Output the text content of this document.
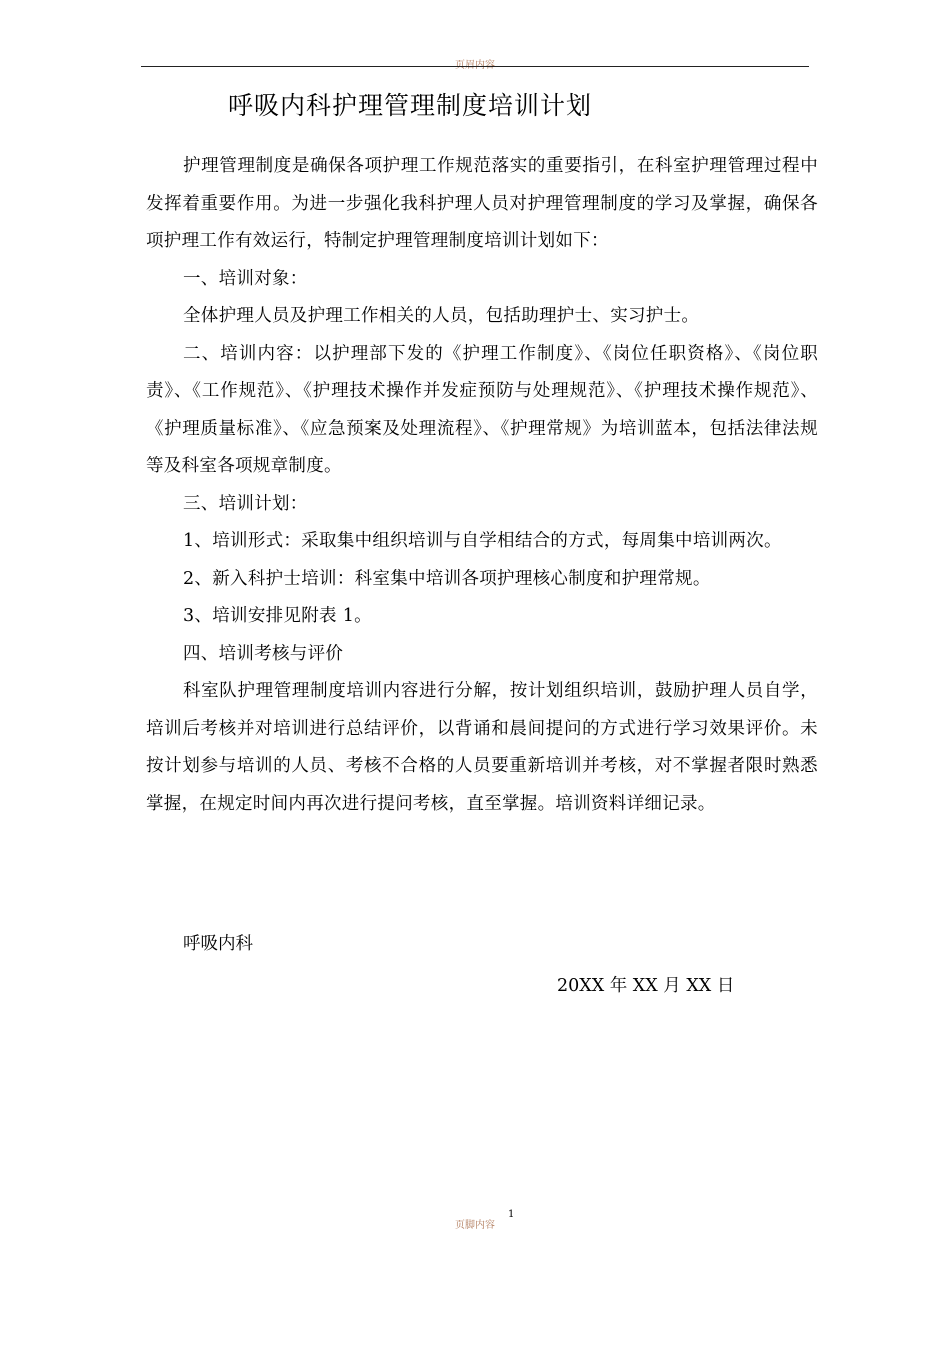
页眉内容
呼吸内科护理管理制度培训计划

护理管理制度是确保各项护理工作规范落实的重要指引，在科室护理管理过程中发挥着重要作用。为进一步强化我科护理人员对护理管理制度的学习及掌握，确保各项护理工作有效运行，特制定护理管理制度培训计划如下：

一、培训对象：

全体护理人员及护理工作相关的人员，包括助理护士、实习护士。

二、培训内容：以护理部下发的《护理工作制度》、《岗位任职资格》、《岗位职责》、《工作规范》、《护理技术操作并发症预防与处理规范》、《护理技术操作规范》、《护理质量标准》、《应急预案及处理流程》、《护理常规》为培训蓝本，包括法律法规等及科室各项规章制度。

三、培训计划：

1、培训形式：采取集中组织培训与自学相结合的方式，每周集中培训两次。

2、新入科护士培训：科室集中培训各项护理核心制度和护理常规。

3、培训安排见附表 1。

四、培训考核与评价

科室队护理管理制度培训内容进行分解，按计划组织培训，鼓励护理人员自学，培训后考核并对培训进行总结评价，以背诵和晨间提问的方式进行学习效果评价。未按计划参与培训的人员、考核不合格的人员要重新培训并考核，对不掌握者限时熟悉掌握，在规定时间内再次进行提问考核，直至掌握。培训资料详细记录。

呼吸内科
20XX 年 XX 月 XX 日
页脚内容
1
